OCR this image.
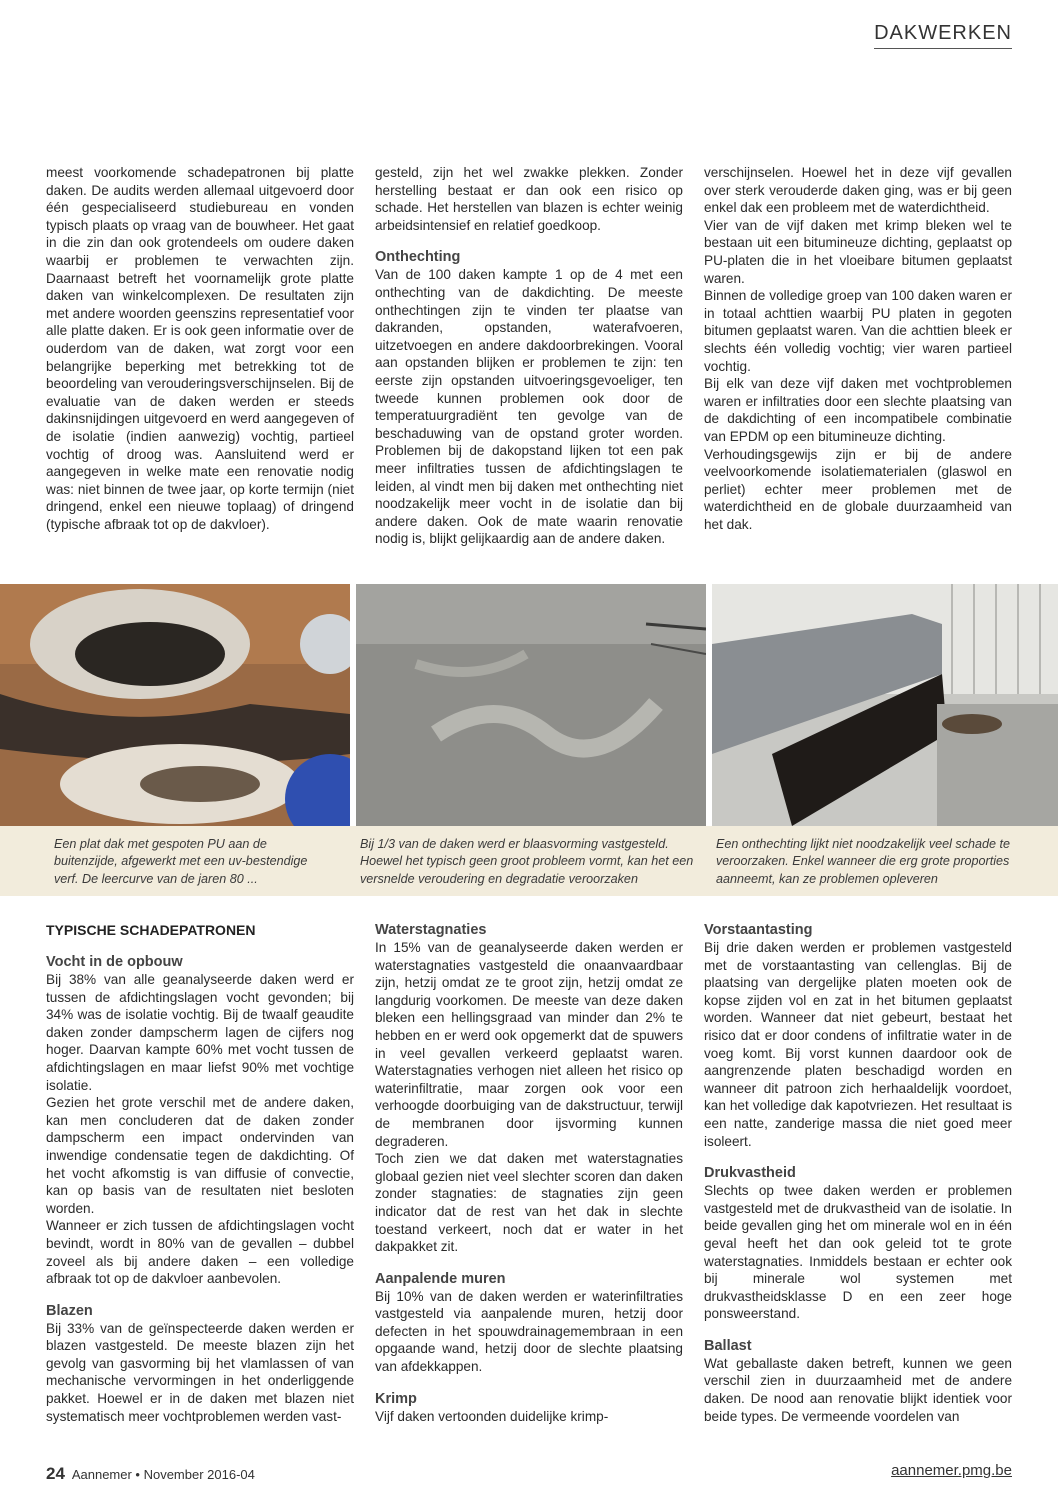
DAKWERKEN

meest voorkomende schadepatronen bij platte daken. De audits werden allemaal uitgevoerd door één gespecialiseerd studiebureau en vonden typisch plaats op vraag van de bouwheer. Het gaat in die zin dan ook grotendeels om oudere daken waarbij er problemen te verwachten zijn. Daarnaast betreft het voornamelijk grote platte daken van winkelcomplexen. De resultaten zijn met andere woorden geenszins representatief voor alle platte daken. Er is ook geen informatie over de ouderdom van de daken, wat zorgt voor een belangrijke beperking met betrekking tot de beoordeling van verouderingsverschijnselen. Bij de evaluatie van de daken werden er steeds dakinsnijdingen uitgevoerd en werd aangegeven of de isolatie (indien aanwezig) vochtig, partieel vochtig of droog was. Aansluitend werd er aangegeven in welke mate een renovatie nodig was: niet binnen de twee jaar, op korte termijn (niet dringend, enkel een nieuwe toplaag) of dringend (typische afbraak tot op de dakvloer).

gesteld, zijn het wel zwakke plekken. Zonder herstelling bestaat er dan ook een risico op schade. Het herstellen van blazen is echter weinig arbeidsintensief en relatief goedkoop.

Onthechting

Van de 100 daken kampte 1 op de 4 met een onthechting van de dakdichting. De meeste onthechtingen zijn te vinden ter plaatse van dakranden, opstanden, waterafvoeren, uitzetvoegen en andere dakdoorbrekingen. Vooral aan opstanden blijken er problemen te zijn: ten eerste zijn opstanden uitvoeringsgevoeliger, ten tweede kunnen problemen ook door de temperatuurgradiënt ten gevolge van de beschaduwing van de opstand groter worden. Problemen bij de dakopstand lijken tot een pak meer infiltraties tussen de afdichtingslagen te leiden, al vindt men bij daken met onthechting niet noodzakelijk meer vocht in de isolatie dan bij andere daken. Ook de mate waarin renovatie nodig is, blijkt gelijkaardig aan de andere daken.

verschijnselen. Hoewel het in deze vijf gevallen over sterk verouderde daken ging, was er bij geen enkel dak een probleem met de waterdichtheid.

Vier van de vijf daken met krimp bleken wel te bestaan uit een bitumineuze dichting, geplaatst op PU-platen die in het vloeibare bitumen geplaatst waren.

Binnen de volledige groep van 100 daken waren er in totaal achttien waarbij PU platen in gegoten bitumen geplaatst waren. Van die achttien bleek er slechts één volledig vochtig; vier waren partieel vochtig.

Bij elk van deze vijf daken met vochtproblemen waren er infiltraties door een slechte plaatsing van de dakdichting of een incompatibele combinatie van EPDM op een bitumineuze dichting.

Verhoudingsgewijs zijn er bij de andere veelvoorkomende isolatiematerialen (glaswol en perliet) echter meer problemen met de waterdichtheid en de globale duurzaamheid van het dak.

Een plat dak met gespoten PU aan de buitenzijde, afgewerkt met een uv-bestendige verf. De leercurve van de jaren 80 ...
Bij 1/3 van de daken werd er blaasvorming vastgesteld. Hoewel het typisch geen groot probleem vormt, kan het een versnelde veroudering en degradatie veroorzaken
Een onthechting lijkt niet noodzakelijk veel schade te veroorzaken. Enkel wanneer die erg grote proporties aanneemt, kan ze problemen opleveren
TYPISCHE SCHADEPATRONEN
Vocht in de opbouw

Bij 38% van alle geanalyseerde daken werd er tussen de afdichtingslagen vocht gevonden; bij 34% was de isolatie vochtig. Bij de twaalf geaudite daken zonder dampscherm lagen de cijfers nog hoger. Daarvan kampte 60% met vocht tussen de afdichtingslagen en maar liefst 90% met vochtige isolatie.

Gezien het grote verschil met de andere daken, kan men concluderen dat de daken zonder dampscherm een impact ondervinden van inwendige condensatie tegen de dakdichting. Of het vocht afkomstig is van diffusie of convectie, kan op basis van de resultaten niet besloten worden.

Wanneer er zich tussen de afdichtingslagen vocht bevindt, wordt in 80% van de gevallen – dubbel zoveel als bij andere daken – een volledige afbraak tot op de dakvloer aanbevolen.

Blazen

Bij 33% van de geïnspecteerde daken werden er blazen vastgesteld. De meeste blazen zijn het gevolg van gasvorming bij het vlamlassen of van mechanische vervormingen in het onderliggende pakket. Hoewel er in de daken met blazen niet systematisch meer vochtproblemen werden vast-

Waterstagnaties

In 15% van de geanalyseerde daken werden er waterstagnaties vastgesteld die onaanvaardbaar zijn, hetzij omdat ze te groot zijn, hetzij omdat ze langdurig voorkomen. De meeste van deze daken bleken een hellingsgraad van minder dan 2% te hebben en er werd ook opgemerkt dat de spuwers in veel gevallen verkeerd geplaatst waren. Waterstagnaties verhogen niet alleen het risico op waterinfiltratie, maar zorgen ook voor een verhoogde doorbuiging van de dakstructuur, terwijl de membranen door ijsvorming kunnen degraderen.

Toch zien we dat daken met waterstagnaties globaal gezien niet veel slechter scoren dan daken zonder stagnaties: de stagnaties zijn geen indicator dat de rest van het dak in slechte toestand verkeert, noch dat er water in het dakpakket zit.

Aanpalende muren

Bij 10% van de daken werden er waterinfiltraties vastgesteld via aanpalende muren, hetzij door defecten in het spouwdrainagemembraan in een opgaande wand, hetzij door de slechte plaatsing van afdekkappen.

Krimp

Vijf daken vertoonden duidelijke krimp-

Vorstaantasting

Bij drie daken werden er problemen vastgesteld met de vorstaantasting van cellenglas. Bij de plaatsing van dergelijke platen moeten ook de kopse zijden vol en zat in het bitumen geplaatst worden. Wanneer dat niet gebeurt, bestaat het risico dat er door condens of infiltratie water in de voeg komt. Bij vorst kunnen daardoor ook de aangrenzende platen beschadigd worden en wanneer dit patroon zich herhaaldelijk voordoet, kan het volledige dak kapotvriezen. Het resultaat is een natte, zanderige massa die niet goed meer isoleert.

Drukvastheid

Slechts op twee daken werden er problemen vastgesteld met de drukvastheid van de isolatie. In beide gevallen ging het om minerale wol en in één geval heeft het dan ook geleid tot te grote waterstagnaties. Inmiddels bestaan er echter ook bij minerale wol systemen met drukvastheidsklasse D en een zeer hoge ponsweerstand.

Ballast

Wat geballaste daken betreft, kunnen we geen verschil zien in duurzaamheid met de andere daken. De nood aan renovatie blijkt identiek voor beide types. De vermeende voordelen van

24 Aannemer • November 2016-04	aannemer.pmg.be
